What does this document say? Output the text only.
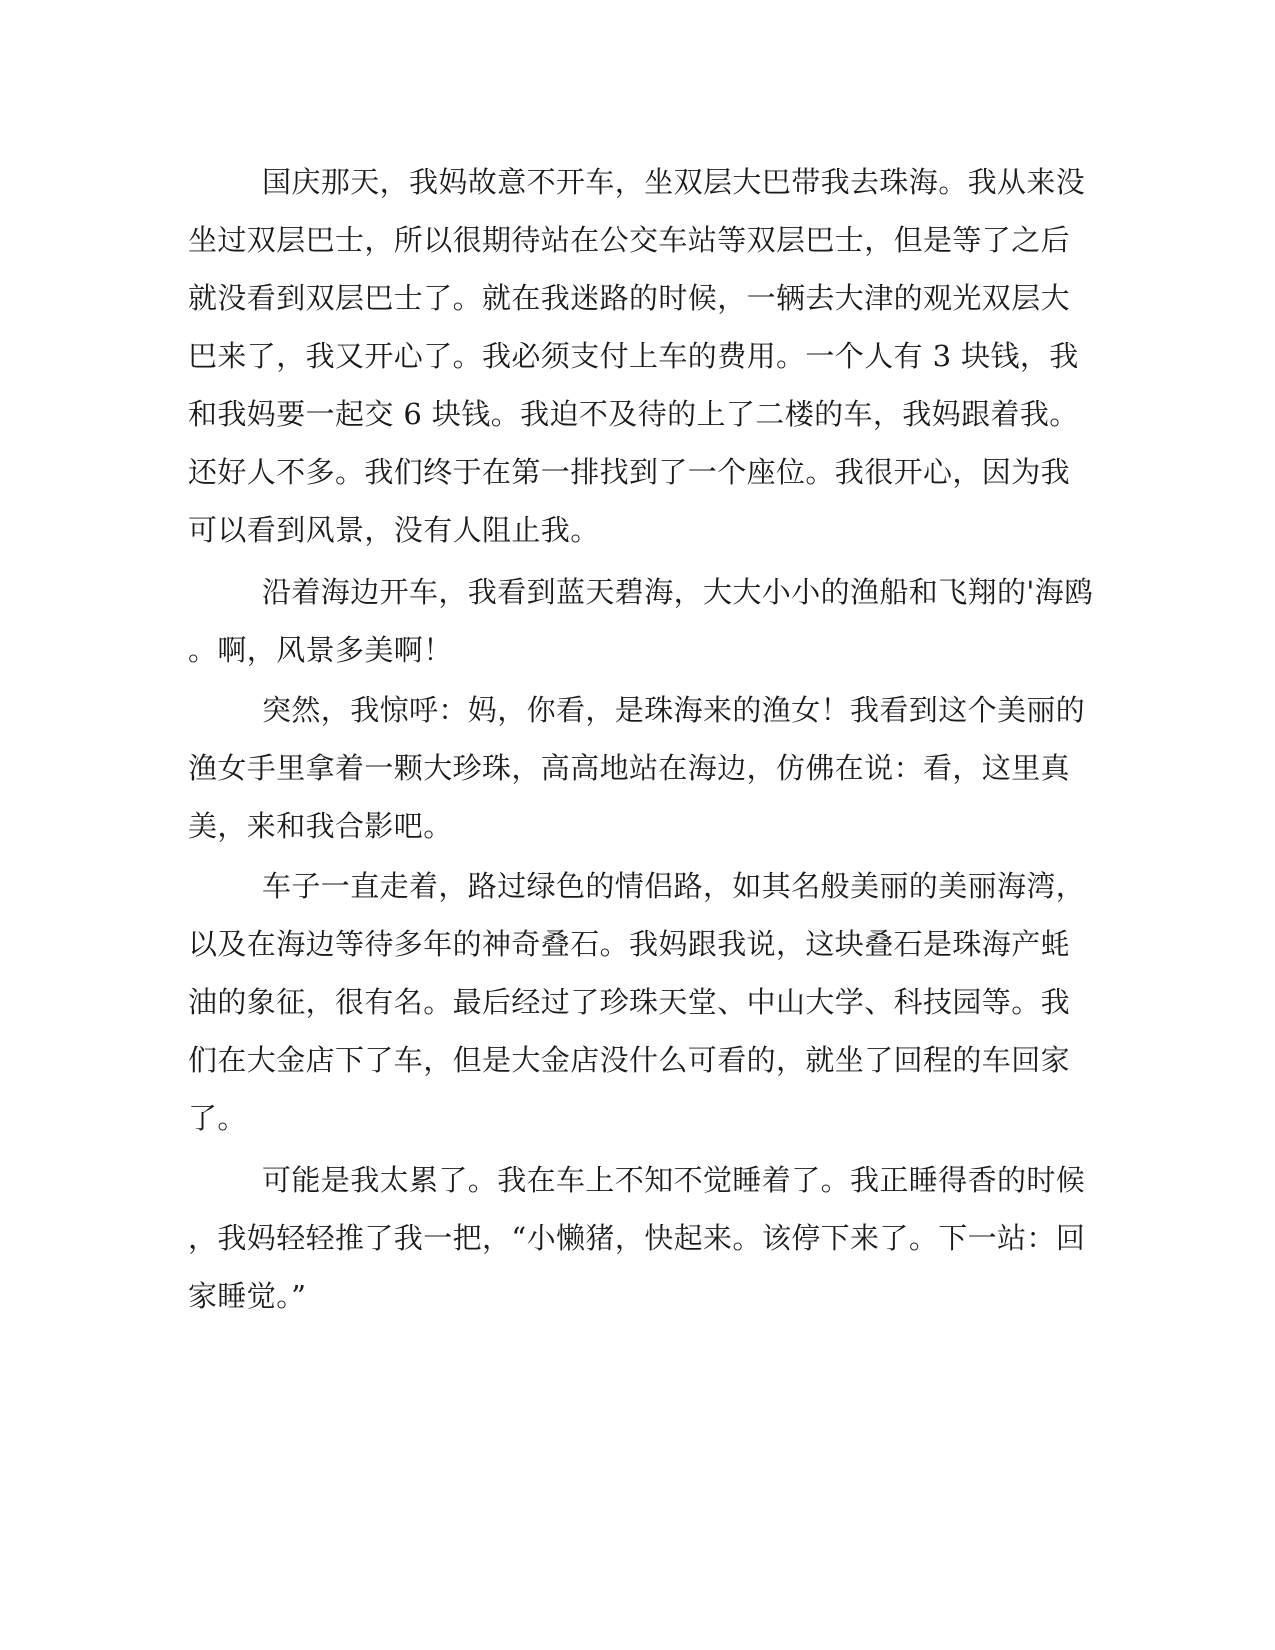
国庆那天，我妈故意不开车，坐双层大巴带我去珠海。我从来没
坐过双层巴士，所以很期待站在公交车站等双层巴士，但是等了之后
就没看到双层巴士了。就在我迷路的时候，一辆去大津的观光双层大
巴来了，我又开心了。我必须支付上车的费用。一个人有 3 块钱，我
和我妈要一起交 6 块钱。我迫不及待的上了二楼的车，我妈跟着我。
还好人不多。我们终于在第一排找到了一个座位。我很开心，因为我
可以看到风景，没有人阻止我。
沿着海边开车，我看到蓝天碧海，大大小小的渔船和飞翔的'海鸥
。啊，风景多美啊！
突然，我惊呼：妈，你看，是珠海来的渔女！我看到这个美丽的
渔女手里拿着一颗大珍珠，高高地站在海边，仿佛在说：看，这里真
美，来和我合影吧。
车子一直走着，路过绿色的情侣路，如其名般美丽的美丽海湾，
以及在海边等待多年的神奇叠石。我妈跟我说，这块叠石是珠海产蚝
油的象征，很有名。最后经过了珍珠天堂、中山大学、科技园等。我
们在大金店下了车，但是大金店没什么可看的，就坐了回程的车回家
了。
可能是我太累了。我在车上不知不觉睡着了。我正睡得香的时候
，我妈轻轻推了我一把，“小懒猪，快起来。该停下来了。下一站：回
家睡觉。”
